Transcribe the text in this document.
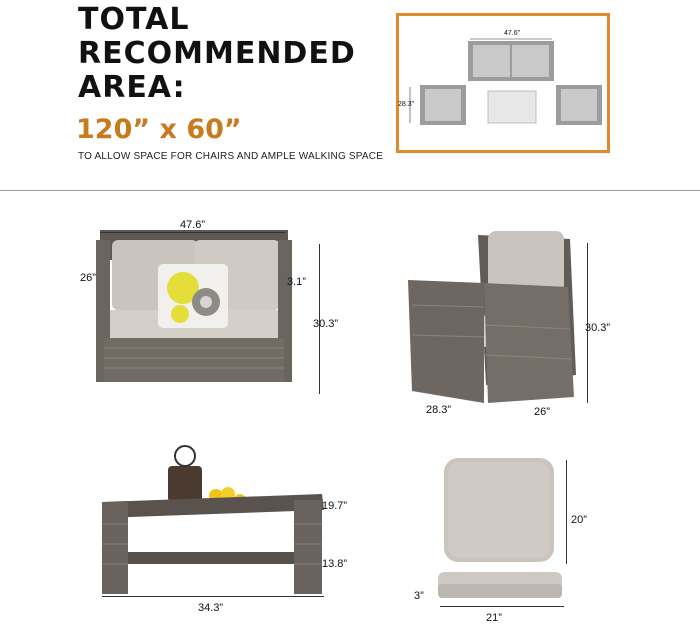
TOTAL
RECOMMENDED
AREA:
120” x 60”
TO ALLOW SPACE FOR CHAIRS AND AMPLE WALKING SPACE
47.6”
28.3”
47.6”
26”	3.1”
30.3”	30.3”
28.3”	26”
19.7”
13.8”
34.3”
20”
3”
21”
